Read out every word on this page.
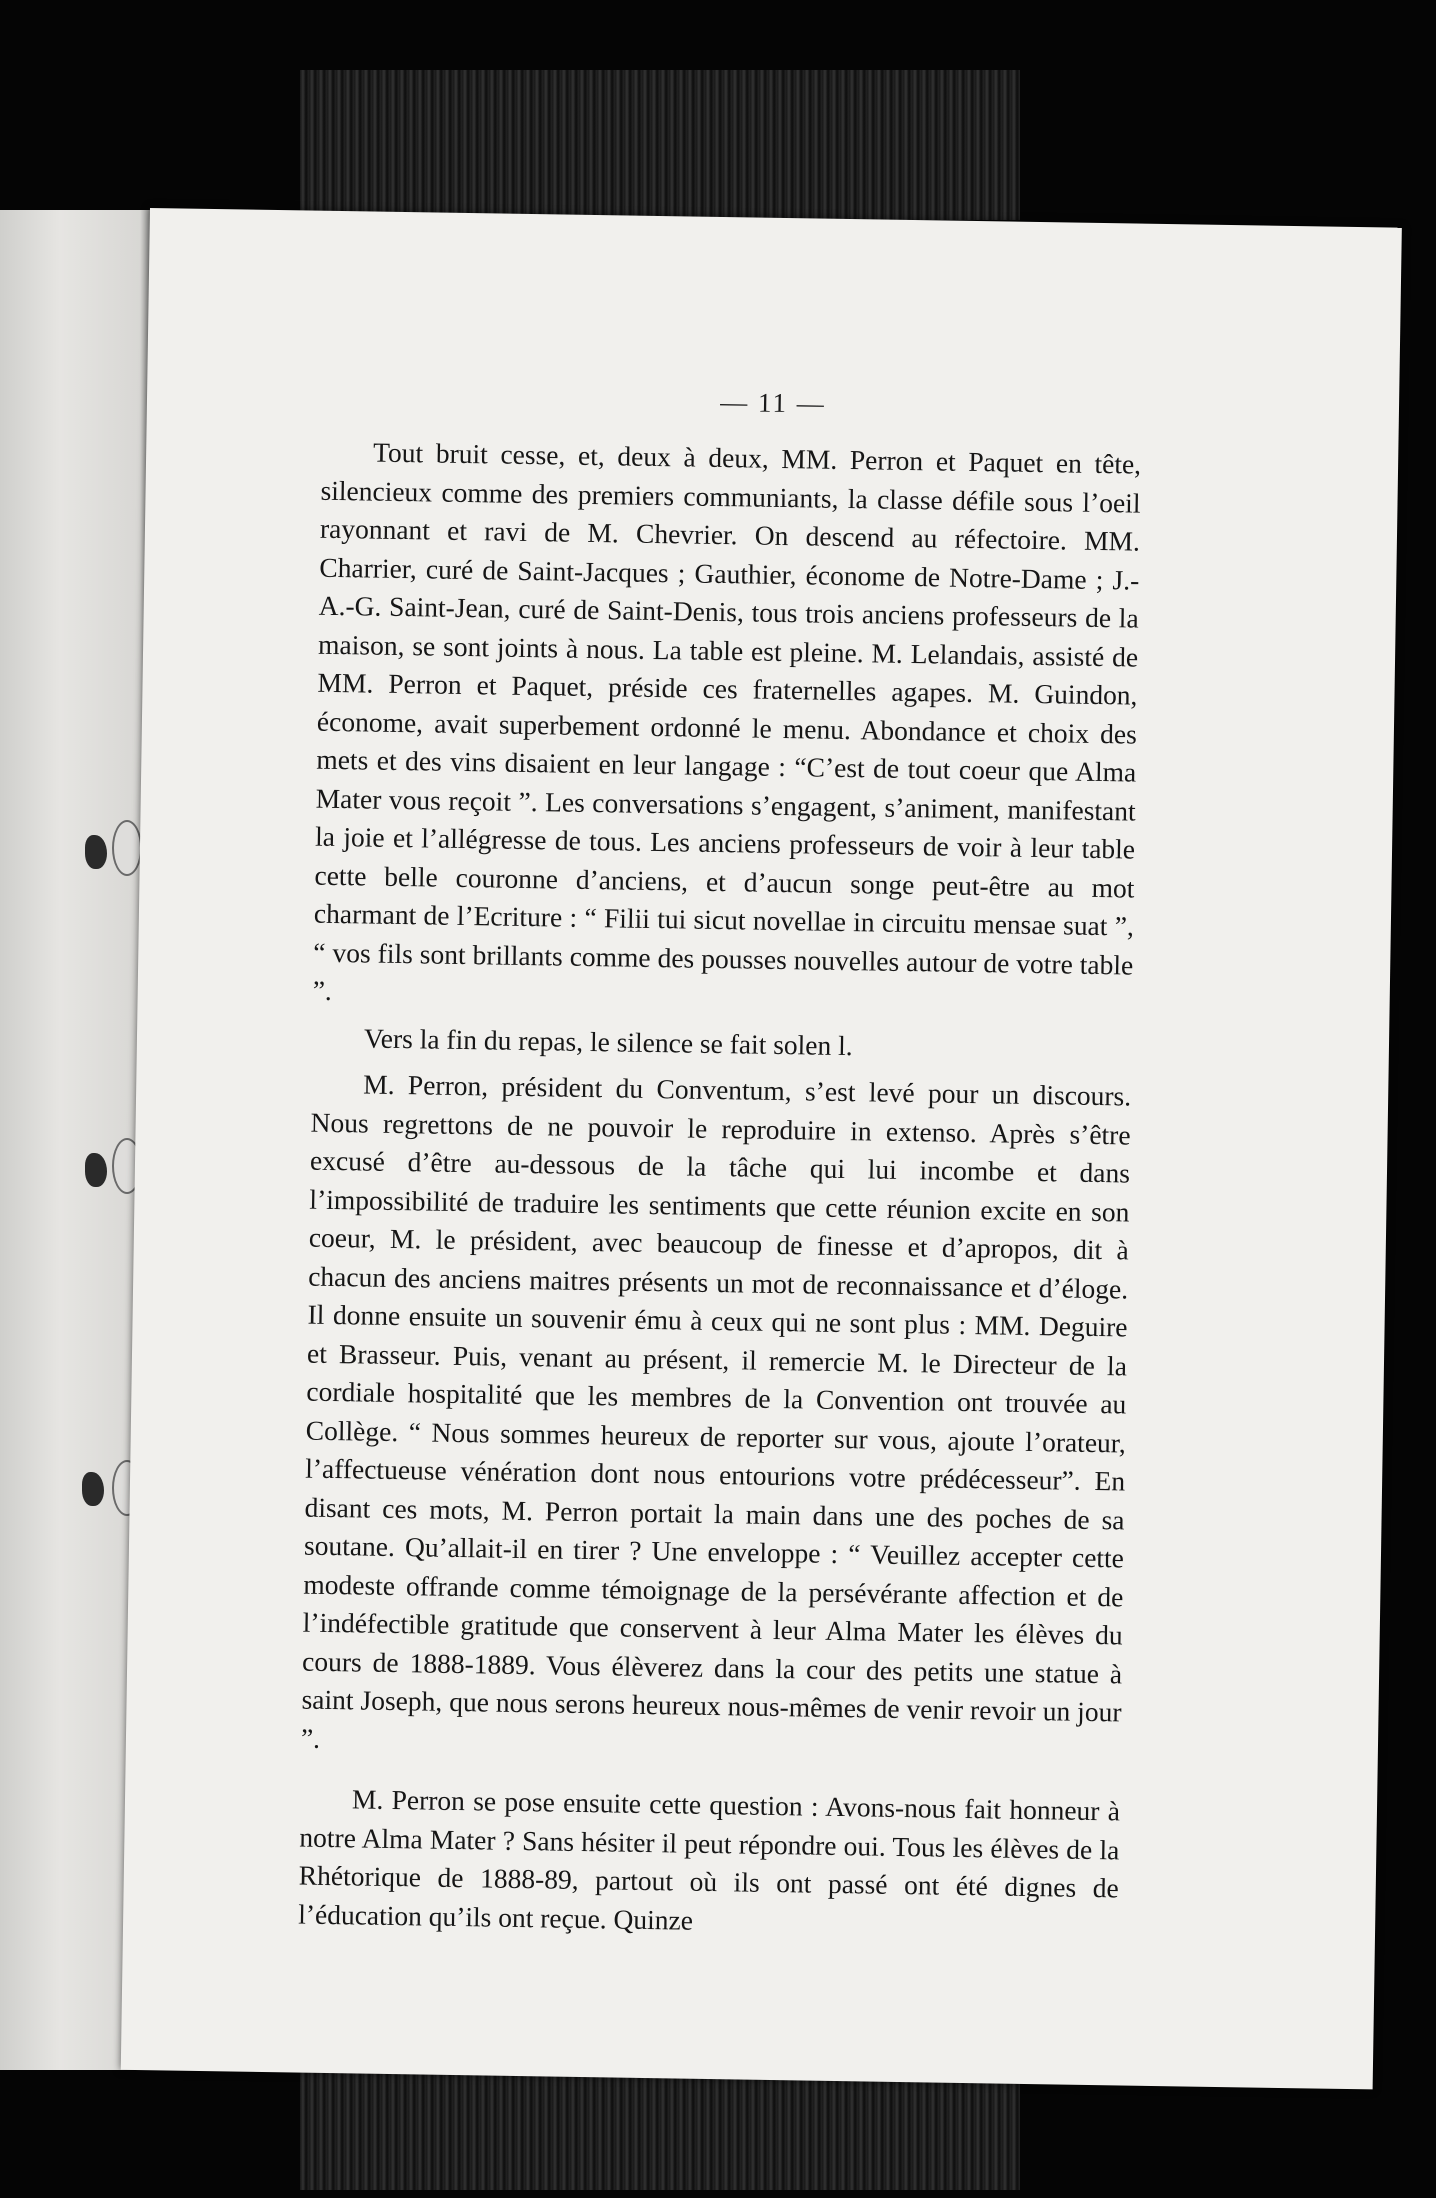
— 11 —

Tout bruit cesse, et, deux à deux, MM. Perron et Paquet en tête, silencieux comme des premiers communiants, la classe défile sous l’oeil rayonnant et ravi de M. Chevrier. On descend au réfectoire. MM. Charrier, curé de Saint-Jacques ; Gauthier, économe de Notre-Dame ; J.-A.-G. Saint-Jean, curé de Saint-Denis, tous trois anciens professeurs de la maison, se sont joints à nous. La table est pleine. M. Lelandais, assisté de MM. Perron et Paquet, préside ces fraternelles agapes. M. Guindon, économe, avait superbement ordonné le menu. Abondance et choix des mets et des vins disaient en leur langage : “C’est de tout coeur que Alma Mater vous reçoit ”. Les conversations s’engagent, s’animent, manifestant la joie et l’allégresse de tous. Les anciens professeurs de voir à leur table cette belle couronne d’anciens, et d’aucun songe peut-être au mot charmant de l’Ecriture : “ Filii tui sicut novellae in circuitu mensae suat ”, “ vos fils sont brillants comme des pousses nouvelles autour de votre table ”.

Vers la fin du repas, le silence se fait solen l.

M. Perron, président du Conventum, s’est levé pour un discours. Nous regrettons de ne pouvoir le reproduire in extenso. Après s’être excusé d’être au-dessous de la tâche qui lui incombe et dans l’impossibilité de traduire les sentiments que cette réunion excite en son coeur, M. le président, avec beaucoup de finesse et d’apropos, dit à chacun des anciens maitres présents un mot de reconnaissance et d’éloge. Il donne ensuite un souvenir ému à ceux qui ne sont plus : MM. Deguire et Brasseur. Puis, venant au présent, il remercie M. le Directeur de la cordiale hospitalité que les membres de la Convention ont trouvée au Collège. “ Nous sommes heureux de reporter sur vous, ajoute l’orateur, l’affectueuse vénération dont nous entourions votre prédécesseur”. En disant ces mots, M. Perron portait la main dans une des poches de sa soutane. Qu’allait-il en tirer ? Une enveloppe : “ Veuillez accepter cette modeste offrande comme témoignage de la persévérante affection et de l’indéfectible gratitude que conservent à leur Alma Mater les élèves du cours de 1888-1889. Vous élèverez dans la cour des petits une statue à saint Joseph, que nous serons heureux nous-mêmes de venir revoir un jour ”.

M. Perron se pose ensuite cette question : Avons-nous fait honneur à notre Alma Mater ? Sans hésiter il peut répondre oui. Tous les élèves de la Rhétorique de 1888-89, partout où ils ont passé ont été dignes de l’éducation qu’ils ont reçue. Quinze
